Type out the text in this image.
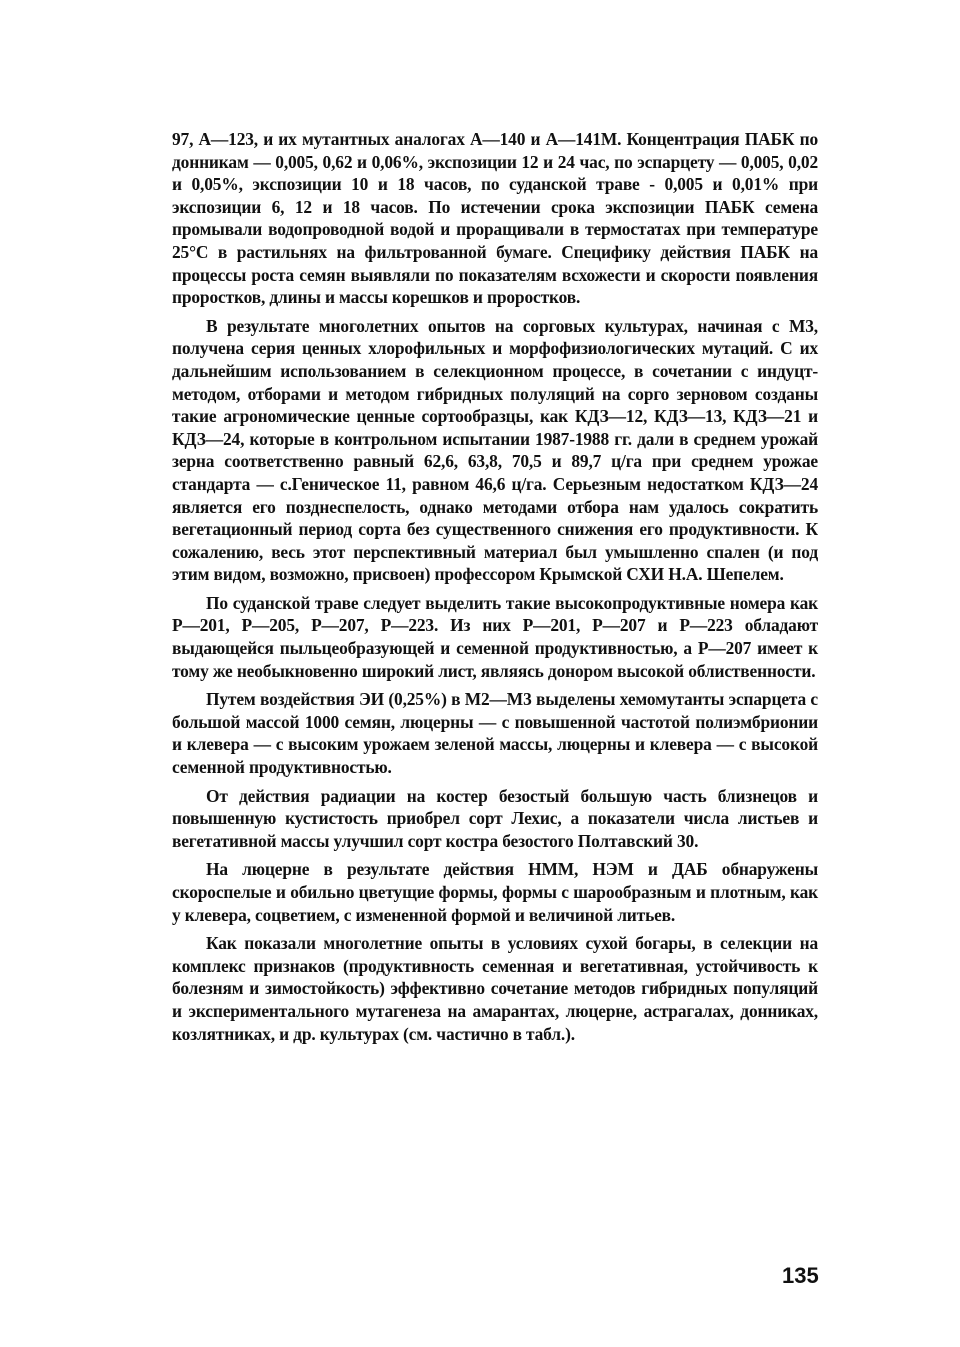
97, А—123, и их мутантных аналогах А—140 и А—141М. Концентрация ПАБК по донникам — 0,005, 0,62 и 0,06%, экспозиции 12 и 24 час, по эспарцету — 0,005, 0,02 и 0,05%, экспозиции 10 и 18 часов, по суданской траве - 0,005 и 0,01% при экспозиции 6, 12 и 18 часов. По истечении срока экспозиции ПАБК семена промывали водопроводной водой и проращивали в термостатах при температуре 25°С в растильнях на фильтрованной бумаге. Специфику действия ПАБК на процессы роста семян выявляли по показателям всхожести и скорости появления проростков, длины и массы корешков и проростков.

В результате многолетних опытов на сорговых культурах, начиная с М3, получена серия ценных хлорофильных и морфофизиологических мутаций. С их дальнейшим использованием в селекционном процессе, в сочетании с индуцт-методом, отборами и методом гибридных полуляций на сорго зерновом созданы такие агрономические ценные сортообразцы, как КДЗ—12, КДЗ—13, КДЗ—21 и КДЗ—24, которые в контрольном испытании 1987-1988 гг. дали в среднем урожай зерна соответственно равный 62,6, 63,8, 70,5 и 89,7 ц/га при среднем урожае стандарта — с.Геническое 11, равном 46,6 ц/га. Серьезным недостатком КДЗ—24 является его позднеспелость, однако методами отбора нам удалось сократить вегетационный период сорта без существенного снижения его продуктивности. К сожалению, весь этот перспективный материал был умышленно спален (и под этим видом, возможно, присвоен) профессором Крымской СХИ Н.А. Шепелем.

По суданской траве следует выделить такие высокопродуктивные номера как Р—201, Р—205, Р—207, Р—223. Из них Р—201, Р—207 и Р—223 обладают выдающейся пыльцеобразующей и семенной продуктивностью, а Р—207 имеет к тому же необыкновенно широкий лист, являясь донором высокой облиственности.

Путем воздействия ЭИ (0,25%) в М2—М3 выделены хемомутанты эспарцета с большой массой 1000 семян, люцерны — с повышенной частотой полиэмбрионии и клевера — с высоким урожаем зеленой массы, люцерны и клевера — с высокой семенной продуктивностью.

От действия радиации на костер безостый большую часть близнецов и повышенную кустистость приобрел сорт Лехис, а показатели числа листьев и вегетативной массы улучшил сорт костра безостого Полтавский 30.

На люцерне в результате действия НММ, НЭМ и ДАБ обнаружены скороспелые и обильно цветущие формы, формы с шарообразным и плотным, как у клевера, соцветием, с измененной формой и величиной литьев.

Как показали многолетние опыты в условиях сухой богары, в селекции на комплекс признаков (продуктивность семенная и вегетативная, устойчивость к болезням и зимостойкость) эффективно сочетание методов гибридных популяций и экспериментального мутагенеза на амарантах, люцерне, астрагалах, донниках, козлятниках, и др. культурах (см. частично в табл.).

135
